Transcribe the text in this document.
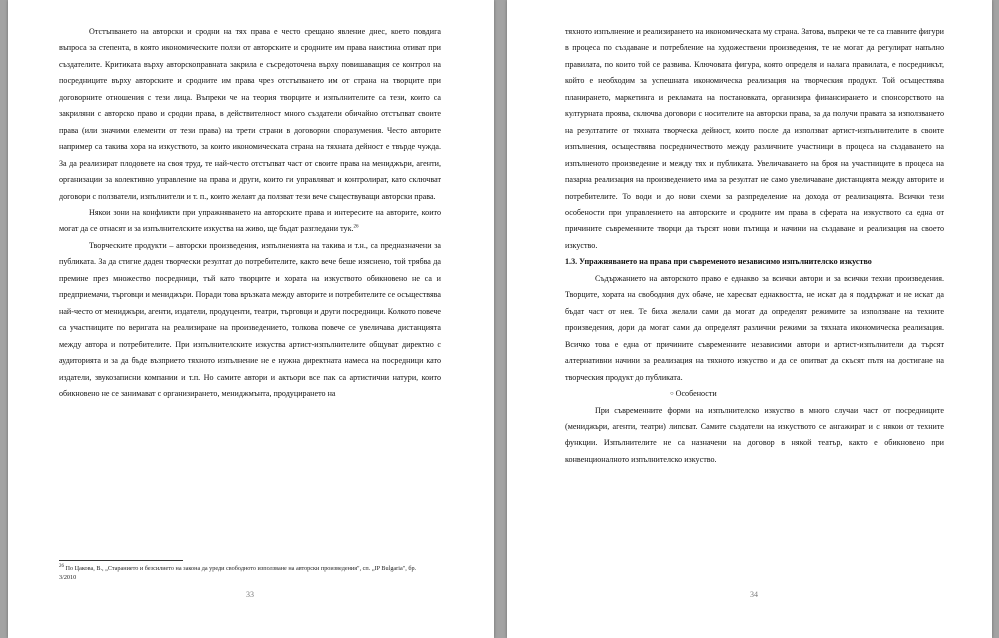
Отстъпването на авторски и сродни на тях права е често срещано явление днес, което повдига въпроса за степента, в която икономическите ползи от авторските и сродните им права наистина отиват при създателите. Критиката върху авторскоправната закрила е съсредоточена върху повишаващия се контрол на посредниците върху авторските и сродните им права чрез отстъпването им от страна на творците при договорните отношения с тези лица. Въпреки че на теория творците и изпълнителите са тези, които са закриляни с авторско право и сродни права, в действителност много създатели обичайно отстъпват своите права (или значими елементи от тези права) на трети страни в договорни споразумения. Често авторите например са такива хора на изкуството, за които икономическата страна на тяхната дейност е твърде чужда. За да реализират плодовете на своя труд, те най-често отстъпват част от своите права на мениджъри, агенти, организации за колективно управление на права и други, които ги управляват и контролират, като сключват договори с ползватели, изпълнители и т. п., които желаят да ползват тези вече съществуващи авторски права.

Някои зони на конфликти при упражняването на авторските права и интересите на авторите, които могат да се отнасят и за изпълнителските изкуства на живо, ще бъдат разгледани тук.$^{26}$

Творческите продукти – авторски произведения, изпълненията на такива и т.н., са предназначени за публиката. За да стигне даден творчески резултат до потребителите, както вече беше изяснено, той трябва да премине през множество посредници, тъй като творците и хората на изкуството обикновено не са и предприемачи, търговци и мениджъри. Поради това връзката между авторите и потребителите се осъществява най-често от мениджъри, агенти, издатели, продуценти, театри, търговци и други посредници. Колкото повече са участниците по веригата на реализиране на произведението, толкова повече се увеличава дистанцията между автора и потребителите. При изпълнителските изкуства артист-изпълнителите общуват директно с аудиторията и за да бъде възприето тяхното изпълнение не е нужна директната намеса на посредници като издатели, звукозаписни компании и т.п. Но самите автори и актьори все пак са артистични натури, които обикновено не се занимават с организирането, мениджмънта, продуцирането на

$^{26}$ По Цакова, В., „Старанието и безсилието на закона да уреди свободното използване на авторски произведения", сп. „IP Bulgaria", бр. 3/2010
33

тяхното изпълнение и реализирането на икономическата му страна. Затова, въпреки че те са главните фигури в процеса по създаване и потребление на художествени произведения, те не могат да регулират напълно правилата, по които той се развива. Ключовата фигура, която определя и налага правилата, е посредникът, който е необходим за успешната икономическа реализация на творческия продукт. Той осъществява планирането, маркетинга и рекламата на постановката, организира финансирането и спонсорството на културната проява, сключва договори с носителите на авторски права, за да получи правата за използването на резултатите от тяхната творческа дейност, които после да използват артист-изпълнителите в своите изпълнения, осъществява посредничеството между различните участници в процеса на създаването на изпълненото произведение и между тях и публиката. Увеличаването на броя на участниците в процеса на пазарна реализация на произведението има за резултат не само увеличаване дистанцията между авторите и потребителите. То води и до нови схеми за разпределение на дохода от реализацията. Всички тези особености при управлението на авторските и сродните им права в сферата на изкуството са една от причините съвременните творци да търсят нови пътища и начини на създаване и реализация на своето изкуство.

1.3. Упражняването на права при съвременото независимо изпълнителско изкуство

Съдържанието на авторското право е еднакво за всички автори и за всички техни произведения. Творците, хората на свободния дух обаче, не харесват еднаквостта, не искат да я поддържат и не искат да бъдат част от нея. Те биха желали сами да могат да определят режимите за използване на техните произведения, дори да могат сами да определят различни режими за тяхната икономическа реализация. Всичко това е една от причините съвременните независими автори и артист-изпълнители да търсят алтернативни начини за реализация на тяхното изкуство и да се опитват да скъсят пътя на достигане на творческия продукт до публиката.

○ Особености

При съвременните форми на изпълнителско изкуство в много случаи част от посредниците (мениджъри, агенти, театри) липсват. Самите създатели на изкуството се ангажират и с някои от техните функции. Изпълнителите не са назначени на договор в някой театър, както е обикновено при конвенционалното изпълнителско изкуство.

34
